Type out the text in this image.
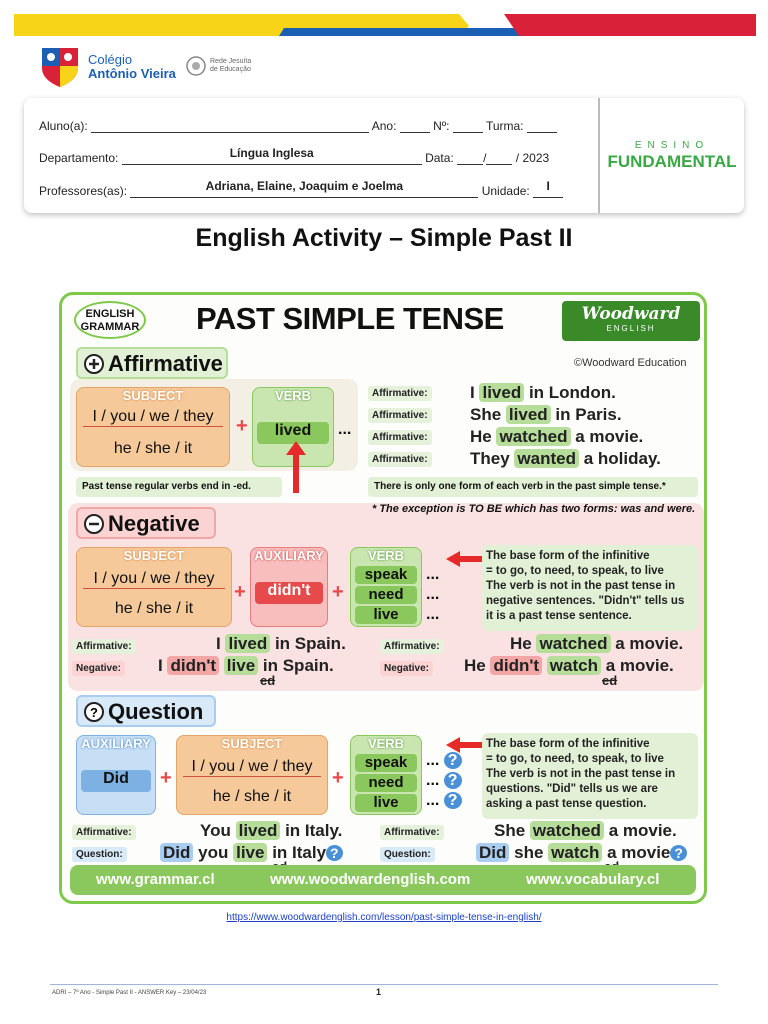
Colégio
Antônio Vieira
Rede Jesuíta
de Educação
Aluno(a):	Ano:	Nº:	Turma:
Departamento:	Língua Inglesa	Data: / / 2023
Professores(as):	Adriana, Elaine, Joaquim e Joelma	Unidade:	I
ENSINO
FUNDAMENTAL
English Activity – Simple Past II
ENGLISH GRAMMAR PAST SIMPLE TENSE	Woodward
ENGLISH
©Woodward Education
Affirmative
SUBJECT
I / you / we / they
he / she / it
+
VERB
lived	...
Affirmative: I lived in London.
Affirmative: She lived in Paris.
Affirmative: He watched a movie.
Affirmative: They wanted a holiday.
Past tense regular verbs end in -ed.	There is only one form of each verb in the past simple tense.*
* The exception is TO BE which has two forms: was and were.
Negative
SUBJECT
I / you / we / they
he / she / it
+
AUXILIARY
didn't	+
VERB
speak
need
live
...
...
...
The base form of the infinitive
= to go, to need, to speak, to live
The verb is not in the past tense in negative sentences. "Didn't" tells us it is a past tense sentence.
Affirmative:	I lived in Spain.
Negative: I didn't live in Spain.
ed
Affirmative:	He watched a movie.
Negative: He didn't watch a movie.
ed
? Question
AUXILIARY
Did	+
SUBJECT
I / you / we / they
he / she / it
+
VERB
speak
need
live
... ?
... ?
... ?
The base form of the infinitive
= to go, to need, to speak, to live
The verb is not in the past tense in questions. "Did" tells us we are asking a past tense question.
Affirmative:	You lived in Italy.
Question: Did you live in Italy ?
Affirmative:	She watched a movie.
Question:	Did she watch a movie ?
www.grammar.cl	www.woodwardenglish.com	www.vocabulary.cl
https://www.woodwardenglish.com/lesson/past-simple-tense-in-english/
ADRI – 7º Ano - Simple Past II - ANSWER Key – 23/04/23	1
